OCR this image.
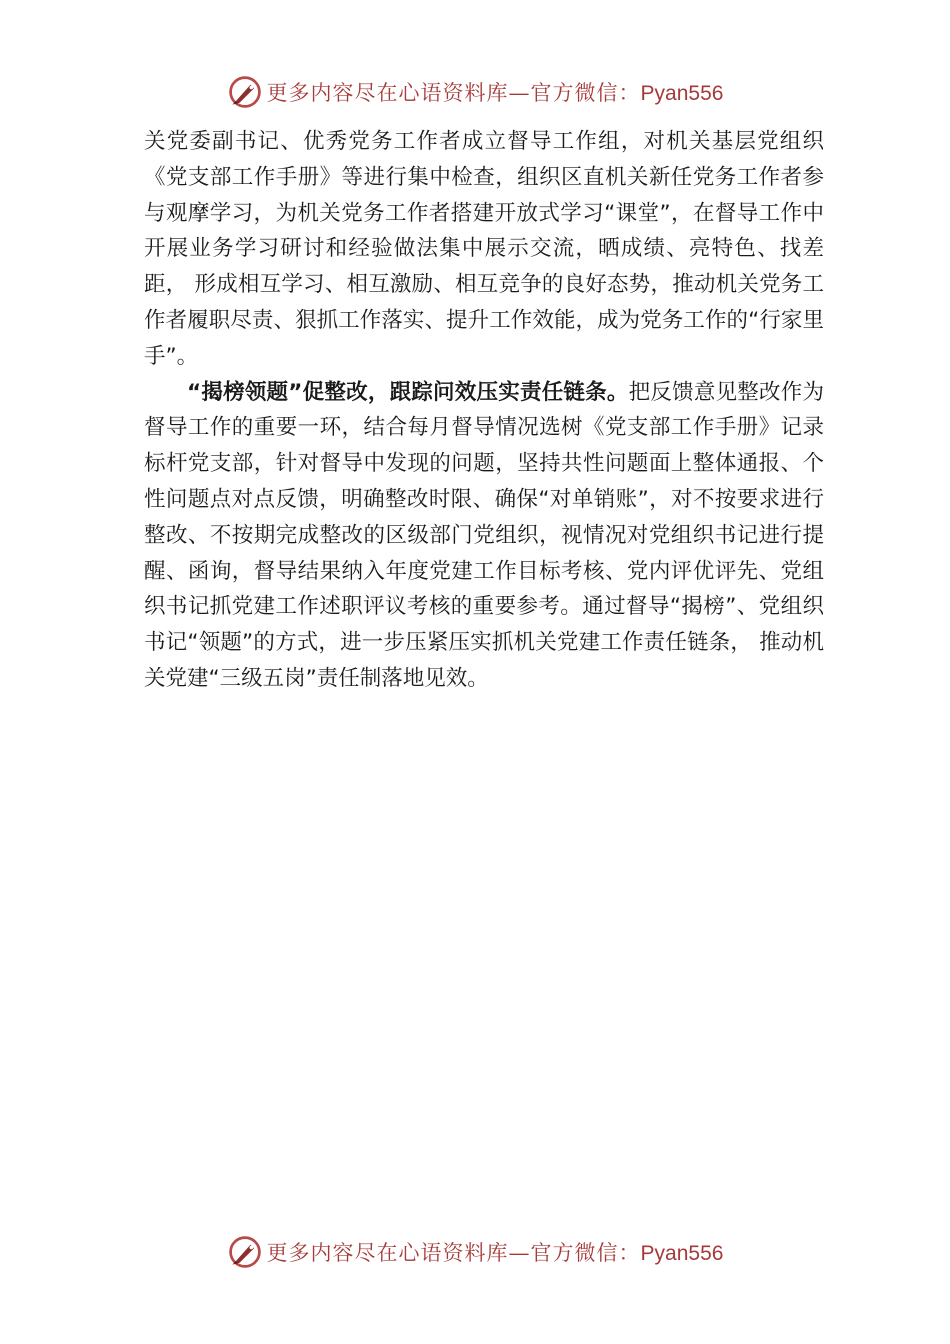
更多内容尽在心语资料库—官方微信：Pyan556

关党委副书记、优秀党务工作者成立督导工作组，对机关基层党组织《党支部工作手册》等进行集中检查，组织区直机关新任党务工作者参与观摩学习，为机关党务工作者搭建开放式学习“课堂”，在督导工作中开展业务学习研讨和经验做法集中展示交流，晒成绩、亮特色、找差距， 形成相互学习、相互激励、相互竞争的良好态势，推动机关党务工作者履职尽责、狠抓工作落实、提升工作效能，成为党务工作的“行家里手”。

“揭榜领题”促整改，跟踪问效压实责任链条。把反馈意见整改作为督导工作的重要一环，结合每月督导情况选树《党支部工作手册》记录标杆党支部，针对督导中发现的问题，坚持共性问题面上整体通报、个性问题点对点反馈，明确整改时限、确保“对单销账”，对不按要求进行整改、不按期完成整改的区级部门党组织，视情况对党组织书记进行提醒、函询，督导结果纳入年度党建工作目标考核、党内评优评先、党组织书记抓党建工作述职评议考核的重要参考。通过督导“揭榜”、党组织书记“领题”的方式，进一步压紧压实抓机关党建工作责任链条， 推动机关党建“三级五岗”责任制落地见效。

更多内容尽在心语资料库—官方微信：Pyan556
